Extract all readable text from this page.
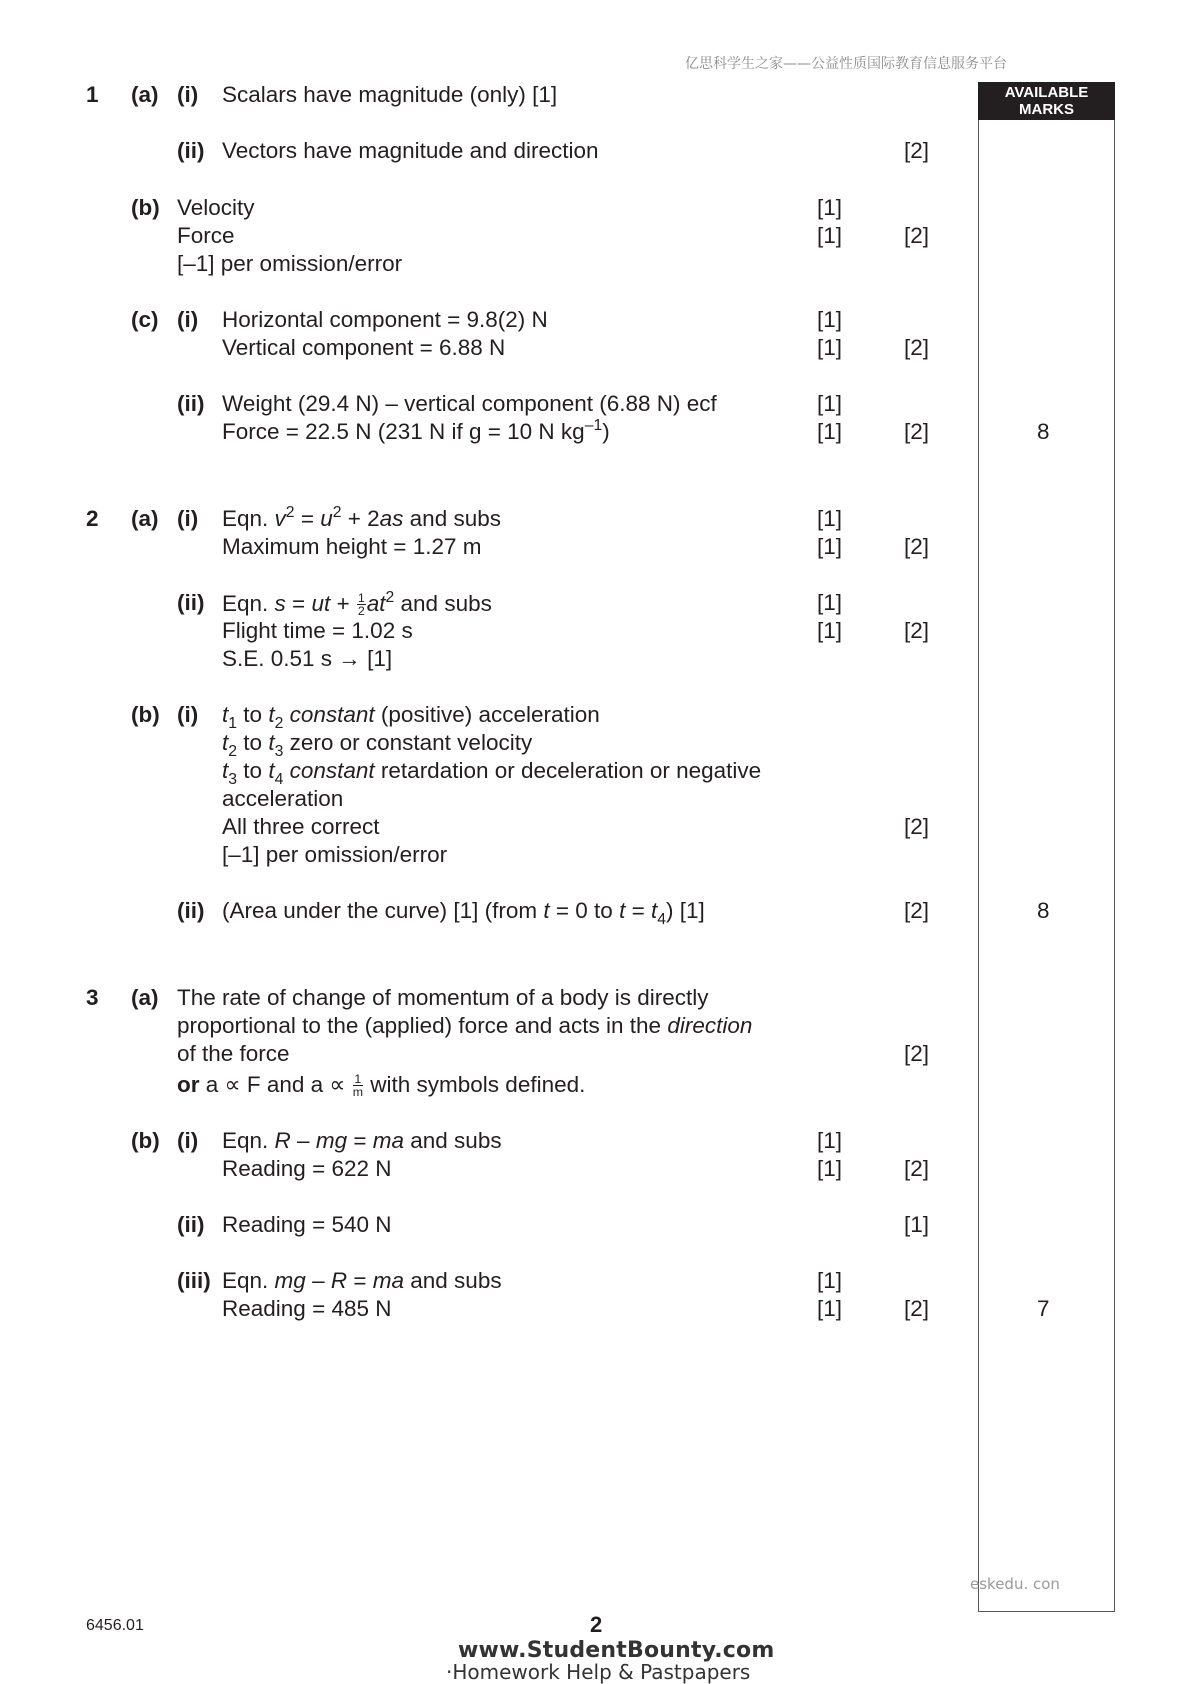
亿思科学生之家——公益性质国际教育信息服务平台
AVAILABLE MARKS
1 (a) (i) Scalars have magnitude (only) [1]
(ii) Vectors have magnitude and direction	[2]
(b) Velocity	[1]
Force	[1]	[2]
[–1] per omission/error
(c) (i) Horizontal component = 9.8(2) N	[1]
Vertical component = 6.88 N	[1]	[2]
(ii) Weight (29.4 N) – vertical component (6.88 N) ecf	[1]
Force = 22.5 N (231 N if g = 10 N $kg^{-1}$)	[1]	[2]	8
2 (a) (i) Eqn. $v^2 = u^2 + 2as$ and subs	[1]
Maximum height = 1.27 m	[1]	[2]
(ii) Eqn. s = ut + $\frac{1}{2} at^2$ and subs	[1]
Flight time = 1.02 s	[1]	[2]
S.E. 0.51 s → [1]
(b) (i) $t_1$ to $t_2$ constant (positive) acceleration
$t_2$ to $t_3$ zero or constant velocity
$t_3$ to $t_4$ constant retardation or deceleration or negative
acceleration
All three correct	[2]
[–1] per omission/error
(ii) (Area under the curve) [1] (from t = 0 to $t = t_4$) [1]	[2]	8
3 (a) The rate of change of momentum of a body is directly
proportional to the (applied) force and acts in the direction
of the force	[2]
or a ∝ F and $a \propto \frac{1}{m}$ with symbols defined.
(b) (i) Eqn. R – mg = ma and subs	[1]
Reading = 622 N	[1]	[2]
(ii) Reading = 540 N	[1]
(iii) Eqn. mg – R = ma and subs	[1]
Reading = 485 N	[1]	[2]	7
eskedu. con
6456.01	2
www.StudentBounty.com
·Homework Help & Pastpapers
